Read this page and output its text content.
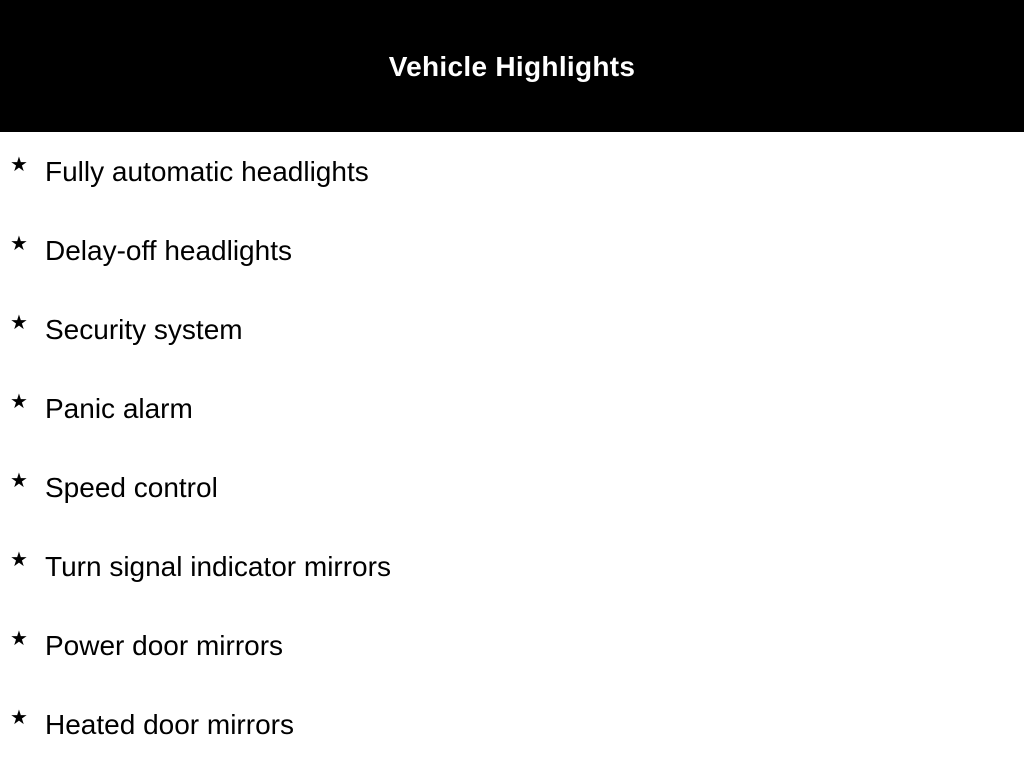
Vehicle Highlights
★ Fully automatic headlights
★ Delay-off headlights
★ Security system
★ Panic alarm
★ Speed control
★ Turn signal indicator mirrors
★ Power door mirrors
★ Heated door mirrors
